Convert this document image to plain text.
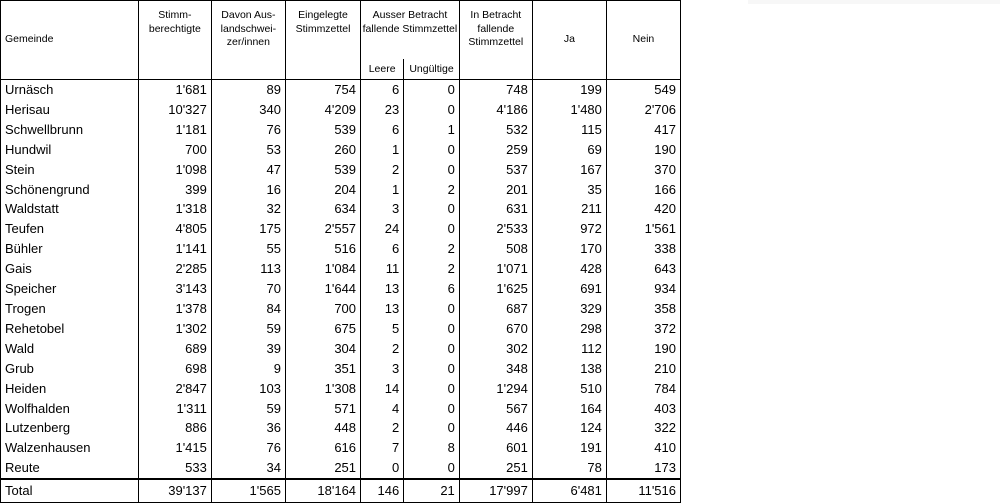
Gemeinde	Stimm-berechtigte	Davon Aus-landschwei-zer/innen	Eingelegte Stimmzettel	Ausser Betracht fallende Stimmzettel		In Betracht fallende Stimmzettel	Ja	Nein
				Leere	Ungültige			
Urnäsch	1'681	89	754	6	0	748	199	549
Herisau	10'327	340	4'209	23	0	4'186	1'480	2'706
Schwellbrunn	1'181	76	539	6	1	532	115	417
Hundwil	700	53	260	1	0	259	69	190
Stein	1'098	47	539	2	0	537	167	370
Schönengrund	399	16	204	1	2	201	35	166
Waldstatt	1'318	32	634	3	0	631	211	420
Teufen	4'805	175	2'557	24	0	2'533	972	1'561
Bühler	1'141	55	516	6	2	508	170	338
Gais	2'285	113	1'084	11	2	1'071	428	643
Speicher	3'143	70	1'644	13	6	1'625	691	934
Trogen	1'378	84	700	13	0	687	329	358
Rehetobel	1'302	59	675	5	0	670	298	372
Wald	689	39	304	2	0	302	112	190
Grub	698	9	351	3	0	348	138	210
Heiden	2'847	103	1'308	14	0	1'294	510	784
Wolfhalden	1'311	59	571	4	0	567	164	403
Lutzenberg	886	36	448	2	0	446	124	322
Walzenhausen	1'415	76	616	7	8	601	191	410
Reute	533	34	251	0	0	251	78	173
Total	39'137	1'565	18'164	146	21	17'997	6'481	11'516
